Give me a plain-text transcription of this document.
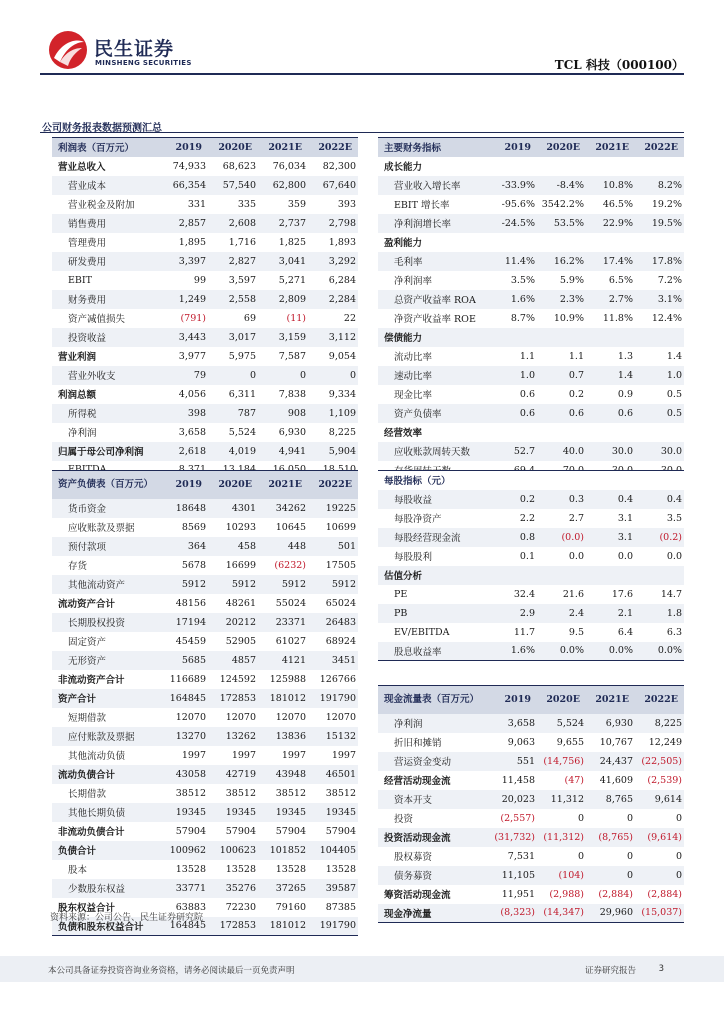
民生证券
MINSHENG SECURITIES	TCL 科技（000100）
公司财务报表数据预测汇总
利润表（百万元）	2019	2020E	2021E	2022E
营业总收入	74,933	68,623	76,034	82,300
营业成本	66,354	57,540	62,800	67,640
营业税金及附加	331	335	359	393
销售费用	2,857	2,608	2,737	2,798
管理费用	1,895	1,716	1,825	1,893
研发费用	3,397	2,827	3,041	3,292
EBIT	99	3,597	5,271	6,284
财务费用	1,249	2,558	2,809	2,284
资产减值损失	(791)	69	(11)	22
投资收益	3,443	3,017	3,159	3,112
营业利润	3,977	5,975	7,587	9,054
营业外收支	79	0	0	0
利润总额	4,056	6,311	7,838	9,334
所得税	398	787	908	1,109
净利润	3,658	5,524	6,930	8,225
归属于母公司净利润	2,618	4,019	4,941	5,904

主要财务指标	2019	2020E	2021E	2022E
成长能力				
营业收入增长率	-33.9%	-8.4%	10.8%	8.2%
EBIT 增长率	-95.6%	3542.2%	46.5%	19.2%
净利润增长率	-24.5%	53.5%	22.9%	19.5%
盈利能力				
毛利率	11.4%	16.2%	17.4%	17.8%
净利润率	3.5%	5.9%	6.5%	7.2%
总资产收益率 ROA	1.6%	2.3%	2.7%	3.1%
净资产收益率 ROE	8.7%	10.9%	11.8%	12.4%
偿债能力				
流动比率	1.1	1.1	1.3	1.4
速动比率	1.0	0.7	1.4	1.0
现金比率	0.6	0.2	0.9	0.5
资产负债率	0.6	0.6	0.6	0.5
经营效率				
应收账款周转天数	52.7	40.0	30.0	30.0

资产负债表（百万元）	2019	2020E	2021E	2022E
货币资金	18648	4301	34262	19225
应收账款及票据	8569	10293	10645	10699
预付款项	364	458	448	501
存货	5678	16699	(6232)	17505
其他流动资产	5912	5912	5912	5912
流动资产合计	48156	48261	55024	65024
长期股权投资	17194	20212	23371	26483
固定资产	45459	52905	61027	68924
无形资产	5685	4857	4121	3451
非流动资产合计	116689	124592	125988	126766
资产合计	164845	172853	181012	191790
短期借款	12070	12070	12070	12070
应付账款及票据	13270	13262	13836	15132
其他流动负债	1997	1997	1997	1997
流动负债合计	43058	42719	43948	46501
长期借款	38512	38512	38512	38512
其他长期负债	19345	19345	19345	19345
非流动负债合计	57904	57904	57904	57904
负债合计	100962	100623	101852	104405
股本	13528	13528	13528	13528
少数股东权益	33771	35276	37265	39587
股东权益合计	63883	72230	79160	87385
负债和股东权益合计	164845	172853	181012	191790
每股指标（元）				
每股收益	0.2	0.3	0.4	0.4
每股净资产	2.2	2.7	3.1	3.5
每股经营现金流	0.8	(0.0)	3.1	(0.2)
每股股利	0.1	0.0	0.0	0.0
估值分析				
PE	32.4	21.6	17.6	14.7
PB	2.9	2.4	2.1	1.8
EV/EBITDA	11.7	9.5	6.4	6.3
股息收益率	1.6%	0.0%	0.0%	0.0%
现金流量表（百万元）	2019	2020E	2021E	2022E
净利润	3,658	5,524	6,930	8,225
折旧和摊销	9,063	9,655	10,767	12,249
营运资金变动	551	(14,756)	24,437	(22,505)
经营活动现金流	11,458	(47)	41,609	(2,539)
资本开支	20,023	11,312	8,765	9,614
投资	(2,557)	0	0	0
投资活动现金流	(31,732)	(11,312)	(8,765)	(9,614)
股权募资	7,531	0	0	0
债务募资	11,105	(104)	0	0
筹资活动现金流	11,951	(2,988)	(2,884)	(2,884)
现金净流量	(8,323)	(14,347)	29,960	(15,037)
资料来源：公司公告、民生证券研究院
本公司具备证券投资咨询业务资格，请务必阅读最后一页免责声明	证券研究报告	3
